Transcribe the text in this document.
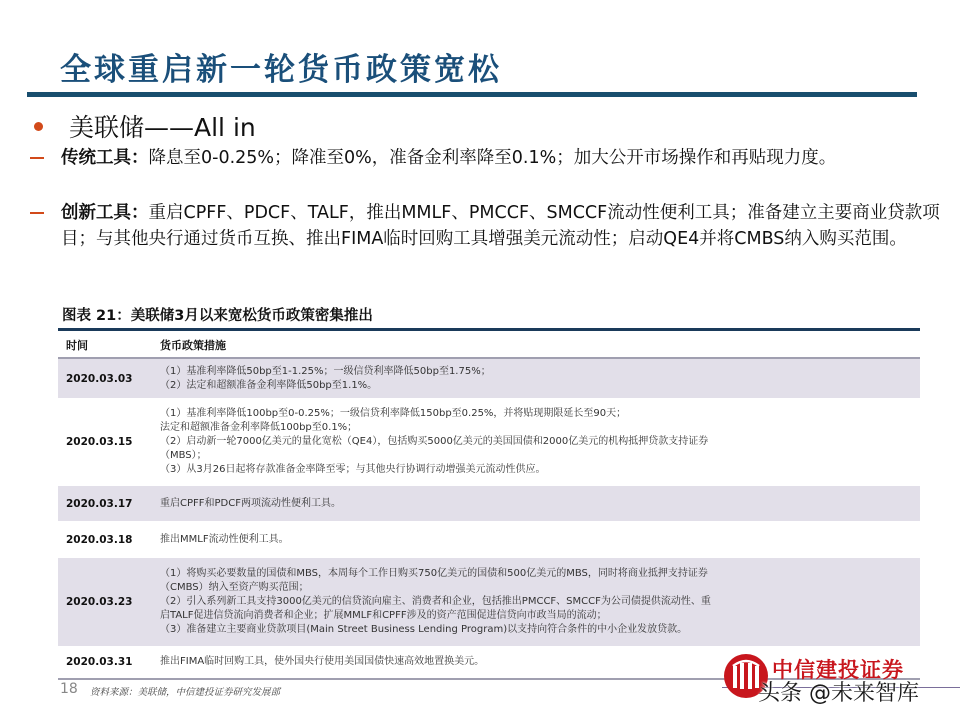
全球重启新一轮货币政策宽松
美联储——All in
传统工具：降息至0-0.25%；降准至0%，准备金利率降至0.1%；加大公开市场操作和再贴现力度。
创新工具：重启CPFF、PDCF、TALF，推出MMLF、PMCCF、SMCCF流动性便利工具；准备建立主要商业贷款项目；与其他央行通过货币互换、推出FIMA临时回购工具增强美元流动性；启动QE4并将CMBS纳入购买范围。
图表 21：美联储3月以来宽松货币政策密集推出
时间	货币政策措施
2020.03.03	（1）基准利率降低50bp至1-1.25%；一级信贷利率降低50bp至1.75%；
（2）法定和超额准备金利率降低50bp至1.1%。

2020.03.15	（1）基准利率降低100bp至0-0.25%；一级信贷利率降低150bp至0.25%，并将贴现期限延长至90天；
法定和超额准备金利率降低100bp至0.1%；
（2）启动新一轮7000亿美元的量化宽松（QE4），包括购买5000亿美元的美国国债和2000亿美元的机构抵押贷款支持证券
（MBS）；
（3）从3月26日起将存款准备金率降至零；与其他央行协调行动增强美元流动性供应。

2020.03.17	重启CPFF和PDCF两项流动性便利工具。

2020.03.18	推出MMLF流动性便利工具。

2020.03.23	（1）将购买必要数量的国债和MBS，本周每个工作日购买750亿美元的国债和500亿美元的MBS，同时将商业抵押支持证券
（CMBS）纳入至资产购买范围；
（2）引入系列新工具支持3000亿美元的信贷流向雇主、消费者和企业，包括推出PMCCF、SMCCF为公司债提供流动性、重
启TALF促进信贷流向消费者和企业；扩展MMLF和CPFF涉及的资产范围促进信贷向市政当局的流动；
（3）准备建立主要商业贷款项目(Main Street Business Lending Program)以支持向符合条件的中小企业发放贷款。

2020.03.31	推出FIMA临时回购工具，使外国央行使用美国国债快速高效地置换美元。
18 资料来源：美联储，中信建投证券研究发展部
中信建投证券
头条 @未来智库
